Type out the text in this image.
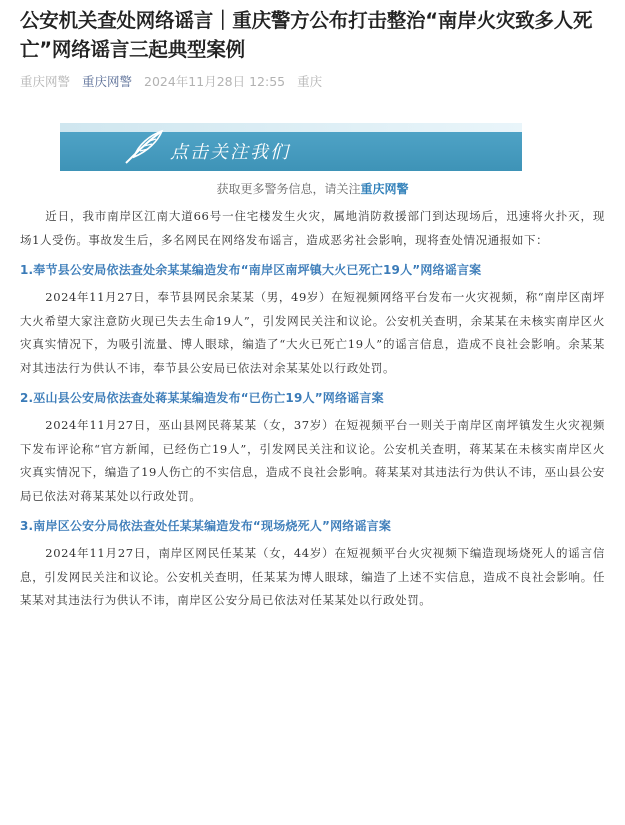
公安机关查处网络谣言｜重庆警方公布打击整治“南岸火灾致多人死亡”网络谣言三起典型案例
重庆网警 重庆网警 2024年11月28日 12:55 重庆
点击关注我们
获取更多警务信息，请关注重庆网警

近日，我市南岸区江南大道66号一住宅楼发生火灾，属地消防救援部门到达现场后，迅速将火扑灭，现场1人受伤。事故发生后，多名网民在网络发布谣言，造成恶劣社会影响，现将查处情况通报如下：

1.奉节县公安局依法查处余某某编造发布“南岸区南坪镇大火已死亡19人”网络谣言案

2024年11月27日，奉节县网民余某某（男，49岁）在短视频网络平台发布一火灾视频，称“南岸区南坪大火希望大家注意防火现已失去生命19人”，引发网民关注和议论。公安机关查明，余某某在未核实南岸区火灾真实情况下，为吸引流量、博人眼球，编造了“大火已死亡19人”的谣言信息，造成不良社会影响。余某某对其违法行为供认不讳，奉节县公安局已依法对余某某处以行政处罚。

2.巫山县公安局依法查处蒋某某编造发布“已伤亡19人”网络谣言案

2024年11月27日，巫山县网民蒋某某（女，37岁）在短视频平台一则关于南岸区南坪镇发生火灾视频下发布评论称“官方新闻，已经伤亡19人”，引发网民关注和议论。公安机关查明，蒋某某在未核实南岸区火灾真实情况下，编造了19人伤亡的不实信息，造成不良社会影响。蒋某某对其违法行为供认不讳，巫山县公安局已依法对蒋某某处以行政处罚。

3.南岸区公安分局依法查处任某某编造发布“现场烧死人”网络谣言案

2024年11月27日，南岸区网民任某某（女，44岁）在短视频平台火灾视频下编造现场烧死人的谣言信息，引发网民关注和议论。公安机关查明，任某某为博人眼球，编造了上述不实信息，造成不良社会影响。任某某对其违法行为供认不讳，南岸区公安分局已依法对任某某处以行政处罚。
